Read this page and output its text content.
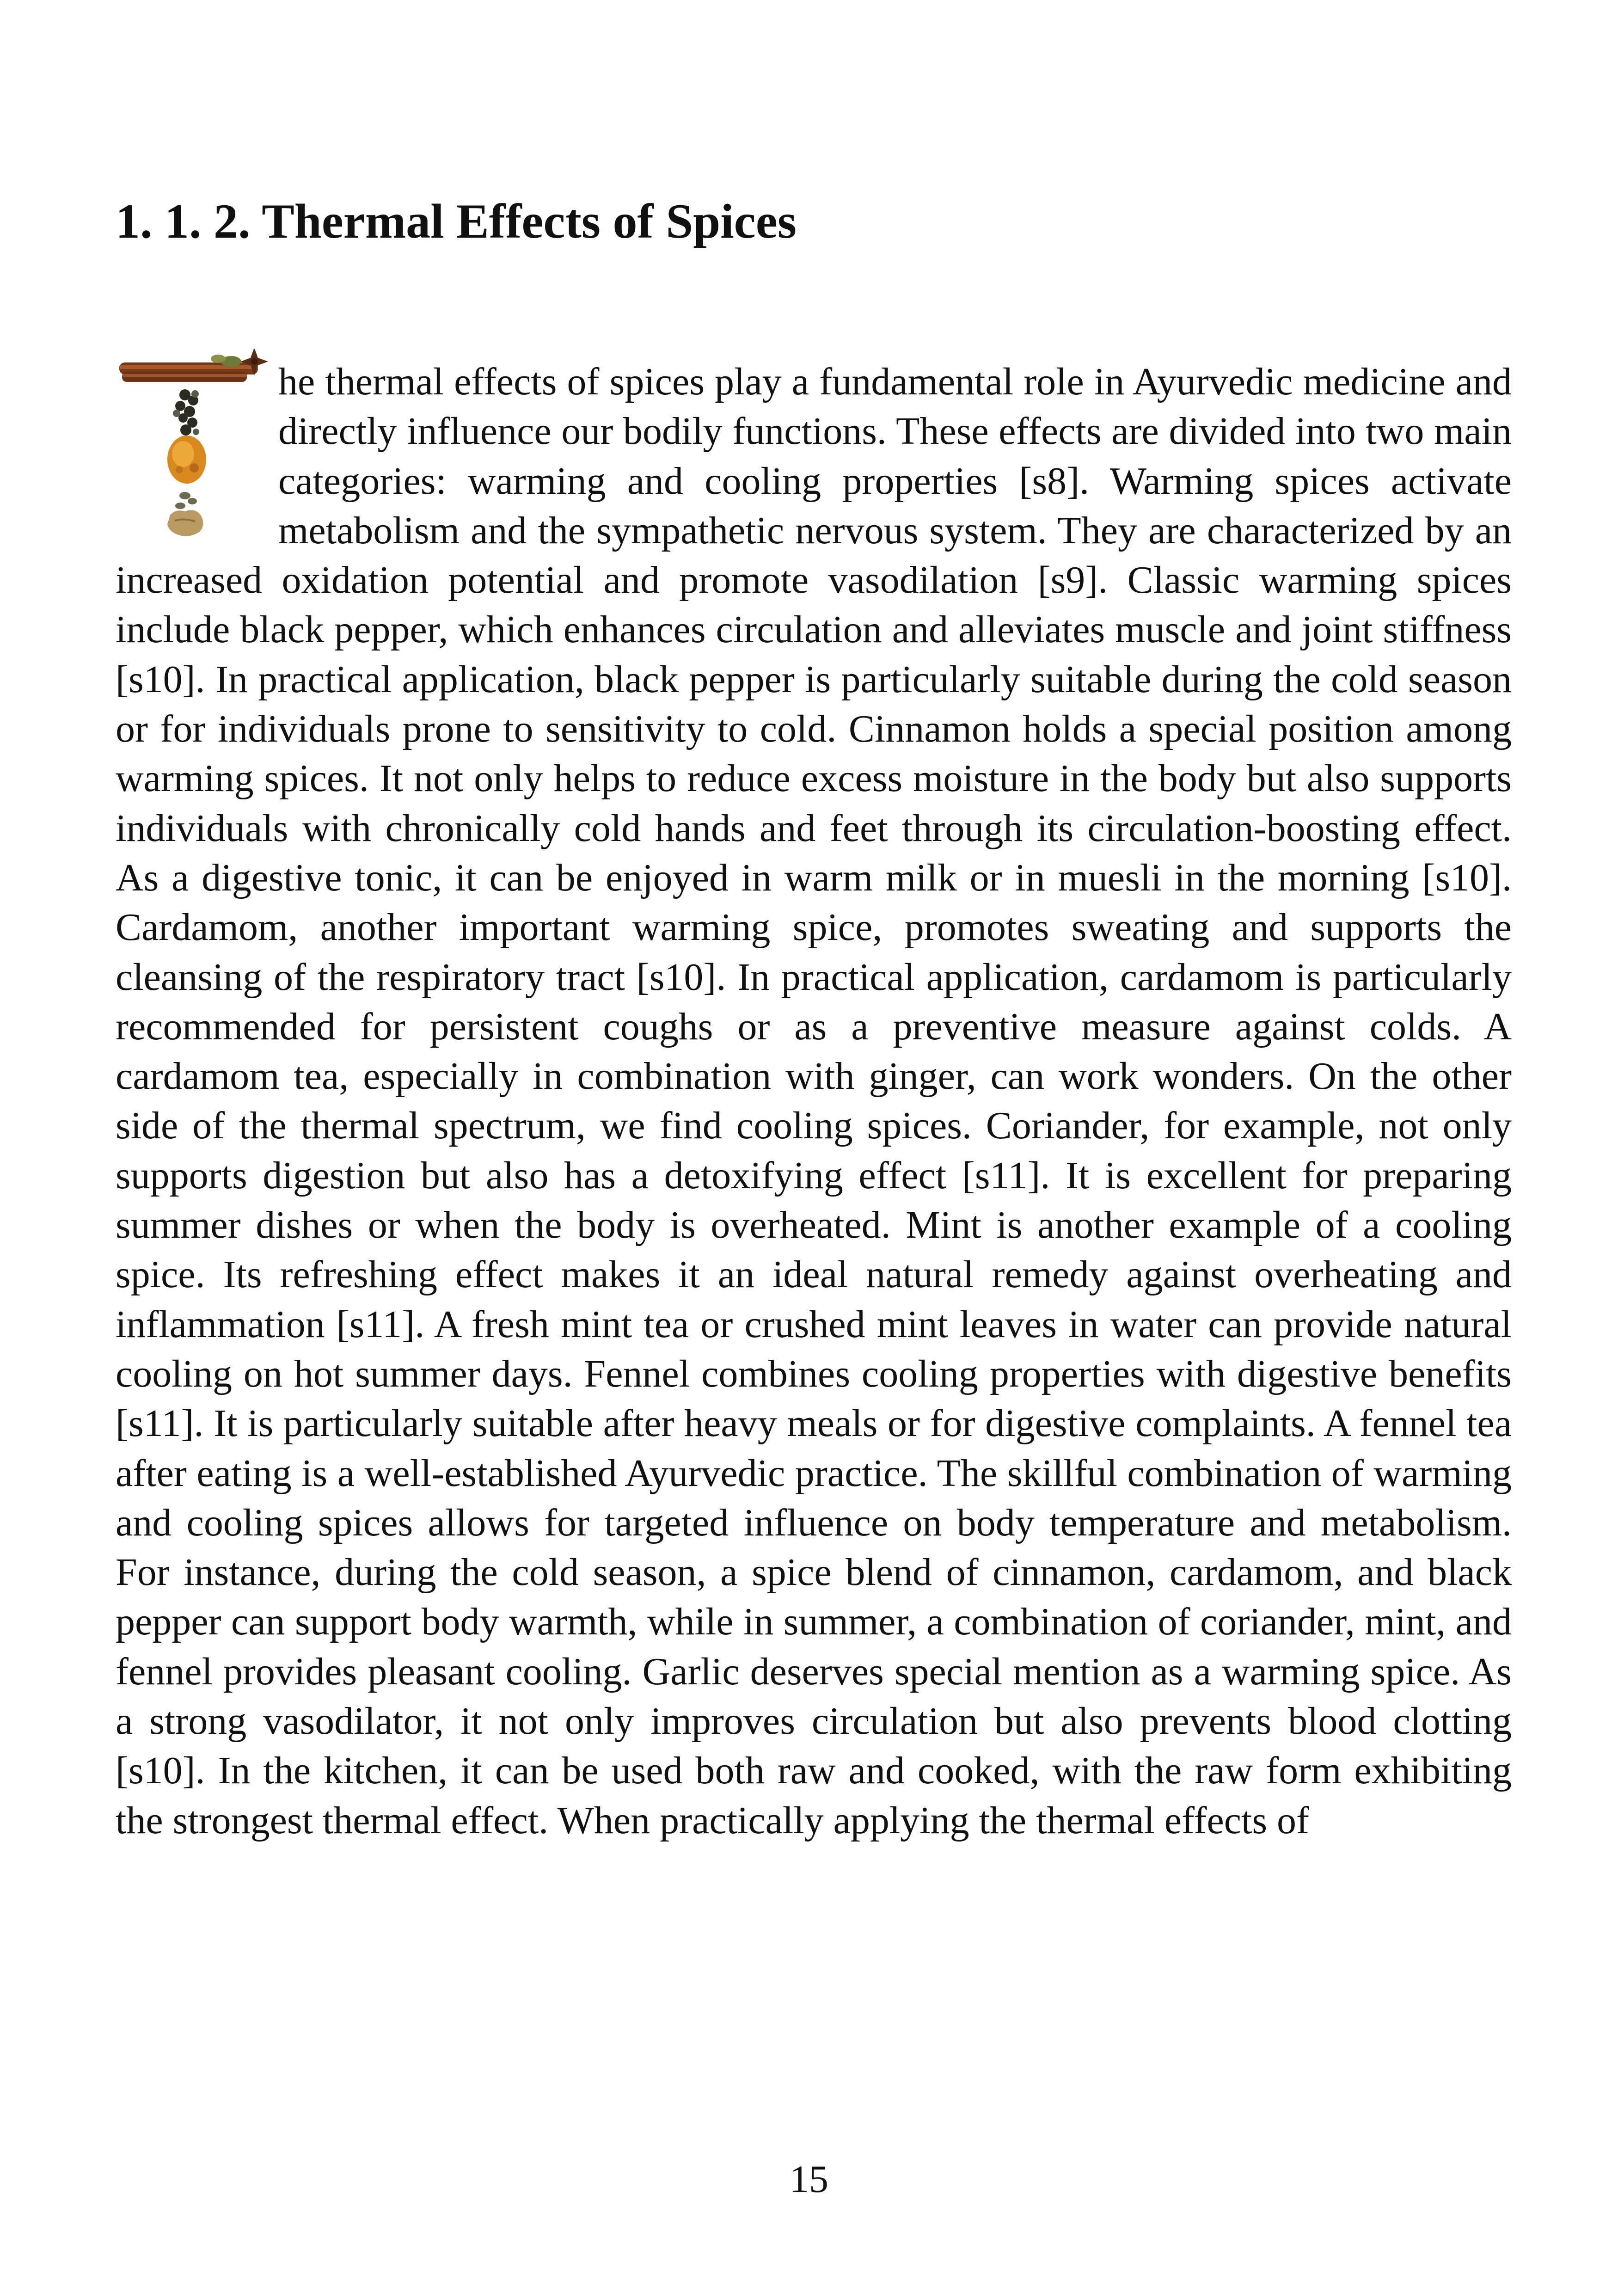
1. 1. 2. Thermal Effects of Spices

he thermal effects of spices play a fundamental role in Ayurvedic medicine and directly influence our bodily functions. These effects are divided into two main categories: warming and cooling properties [s8]. Warming spices activate metabolism and the sympathetic nervous system. They are characterized by an increased oxidation potential and promote vasodilation [s9]. Classic warming spices include black pepper, which enhances circulation and alleviates muscle and joint stiffness [s10]. In practical application, black pepper is particularly suitable during the cold season or for individuals prone to sensitivity to cold. Cinnamon holds a special position among warming spices. It not only helps to reduce excess moisture in the body but also supports individuals with chronically cold hands and feet through its circulation-boosting effect. As a digestive tonic, it can be enjoyed in warm milk or in muesli in the morning [s10]. Cardamom, another important warming spice, promotes sweating and supports the cleansing of the respiratory tract [s10]. In practical application, cardamom is particularly recommended for persistent coughs or as a preventive measure against colds. A cardamom tea, especially in combination with ginger, can work wonders. On the other side of the thermal spectrum, we find cooling spices. Coriander, for example, not only supports digestion but also has a detoxifying effect [s11]. It is excellent for preparing summer dishes or when the body is overheated. Mint is another example of a cooling spice. Its refreshing effect makes it an ideal natural remedy against overheating and inflammation [s11]. A fresh mint tea or crushed mint leaves in water can provide natural cooling on hot summer days. Fennel combines cooling properties with digestive benefits [s11]. It is particularly suitable after heavy meals or for digestive complaints. A fennel tea after eating is a well-established Ayurvedic practice. The skillful combination of warming and cooling spices allows for targeted influence on body temperature and metabolism. For instance, during the cold season, a spice blend of cinnamon, cardamom, and black pepper can support body warmth, while in summer, a combination of coriander, mint, and fennel provides pleasant cooling. Garlic deserves special mention as a warming spice. As a strong vasodilator, it not only improves circulation but also prevents blood clotting [s10]. In the kitchen, it can be used both raw and cooked, with the raw form exhibiting the strongest thermal effect. When practically applying the thermal effects of

15
